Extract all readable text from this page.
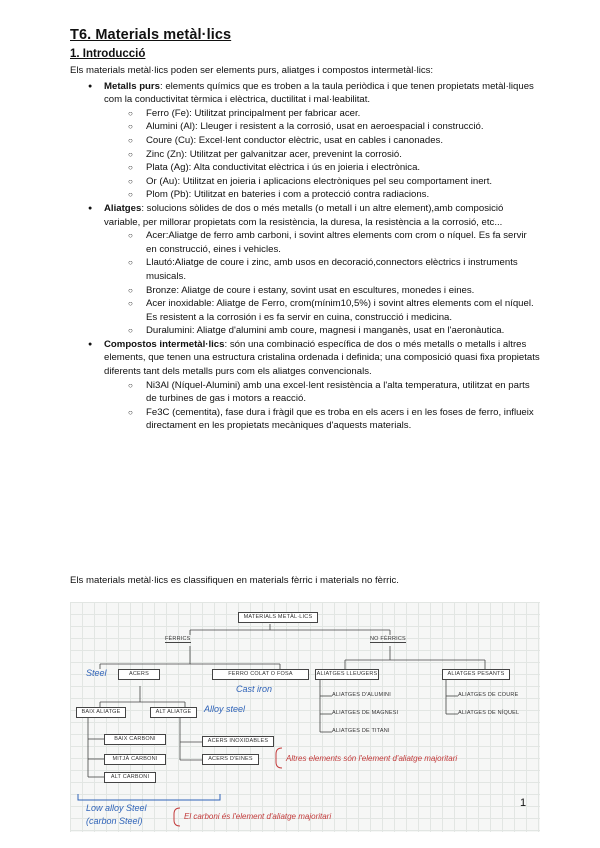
T6. Materials metàl·lics
1. Introducció

Els materials metàl·lics poden ser elements purs, aliatges i compostos intermetàl·lics:

● Metalls purs: elements químics que es troben a la taula periòdica i que tenen propietats metàl·liques com la conductivitat tèrmica i elèctrica, ductilitat i mal·leabilitat.
○ Ferro (Fe): Utilitzat principalment per fabricar acer.
○ Alumini (Al): Lleuger i resistent a la corrosió, usat en aeroespacial i construcció.
○ Coure (Cu): Excel·lent conductor elèctric, usat en cables i canonades.
○ Zinc (Zn): Utilitzat per galvanitzar acer, prevenint la corrosió.
○ Plata (Ag): Alta conductivitat elèctrica i ús en joieria i electrònica.
○ Or (Au): Utilitzat en joieria i aplicacions electròniques pel seu comportament inert.
○ Plom (Pb): Utilitzat en bateries i com a protecció contra radiacions.
● Aliatges: solucions sòlides de dos o més metalls (o metall i un altre element),amb composició variable, per millorar propietats com la resistència, la duresa, la resistència a la corrosió, etc...
○ Acer:Aliatge de ferro amb carboni, i sovint altres elements com crom o níquel. Es fa servir en construcció, eines i vehicles.
○ Llautó:Aliatge de coure i zinc, amb usos en decoració,connectors elèctrics i instruments musicals.
○ Bronze: Aliatge de coure i estany, sovint usat en escultures, monedes i eines.
○ Acer inoxidable: Aliatge de Ferro, crom(mínim10,5%) i sovint altres elements com el níquel. Es resistent a la corrosión i es fa servir en cuina, construcció i medicina.
○ Duralumini: Aliatge d'alumini amb coure, magnesi i manganès, usat en l'aeronàutica.
● Compostos intermetàl·lics: són una combinació específica de dos o més metalls o metalls i altres elements, que tenen una estructura cristalina ordenada i definida; una composició quasi fixa propietats diferents tant dels metalls purs com els aliatges convencionals.
○ Ni3Al (Níquel-Alumini) amb una excel·lent resistència a l'alta temperatura, utilitzat en parts de turbines de gas i motors a reacció.
○ Fe3C (cementita), fase dura i fràgil que es troba en els acers i en les foses de ferro, influeix directament en les propietats mecàniques d'aquests materials.
Els materials metàl·lics es classifiquen en materials fèrric i materials no fèrric.
MATERIALS METÀL·LICS
FÈRRICS	NO FÈRRICS
ACERS	FERRO COLAT O FOSA	ALIATGES LLEUGERS	ALIATGES PESANTS
BAIX ALIATGE	ALT ALIATGE
BAIX CARBONI
MITJÀ CARBONI
ALT CARBONI
ACERS INOXIDABLES
ACERS D'EINES
ALIATGES D'ALUMINI
ALIATGES DE MAGNESI
ALIATGES DE TITANI
ALIATGES DE COURE
ALIATGES DE NÍQUEL
Steel
Cast iron
Alloy steel
Low alloy Steel
(carbon Steel)
Altres elements són l'element d'aliatge majoritari
El carboni és l'element d'aliatge majoritari
1
